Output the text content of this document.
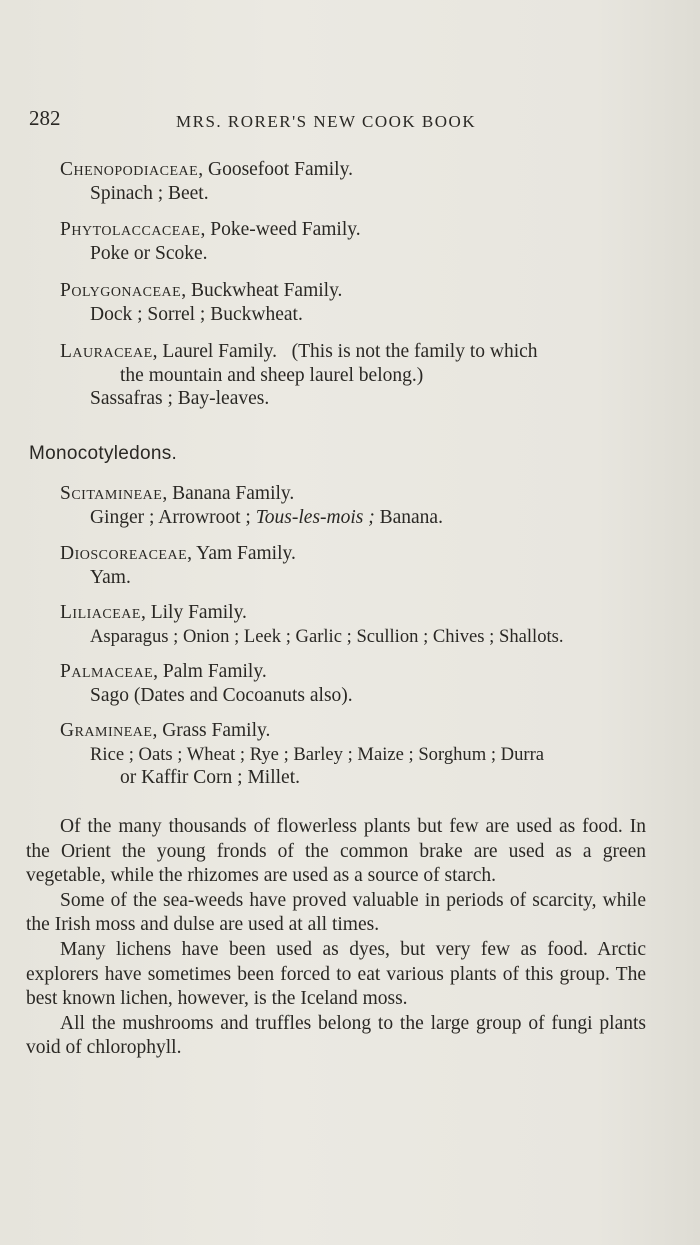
282	MRS. RORER'S NEW COOK BOOK
Chenopodiaceae, Goosefoot Family.
Spinach ; Beet.
Phytolaccaceae, Poke-weed Family.
Poke or Scoke.
Polygonaceae, Buckwheat Family.
Dock ; Sorrel ; Buckwheat.
Lauraceae, Laurel Family.   (This is not the family to which
the mountain and sheep laurel belong.)
Sassafras ; Bay-leaves.
Monocotyledons.
Scitamineae, Banana Family.
Ginger ; Arrowroot ; Tous-les-mois ; Banana.
Dioscoreaceae, Yam Family.
Yam.
Liliaceae, Lily Family.
Asparagus ; Onion ; Leek ; Garlic ; Scullion ; Chives ; Shallots.
Palmaceae, Palm Family.
Sago (Dates and Cocoanuts also).
Gramineae, Grass Family.
Rice ; Oats ; Wheat ; Rye ; Barley ; Maize ; Sorghum ; Durra
or Kaffir Corn ; Millet.

Of the many thousands of flowerless plants but few are used as food. In the Orient the young fronds of the common brake are used as a green vegetable, while the rhizomes are used as a source of starch.

Some of the sea-weeds have proved valuable in periods of scarcity, while the Irish moss and dulse are used at all times.

Many lichens have been used as dyes, but very few as food. Arctic explorers have sometimes been forced to eat various plants of this group. The best known lichen, however, is the Iceland moss.

All the mushrooms and truffles belong to the large group of fungi plants void of chlorophyll.
